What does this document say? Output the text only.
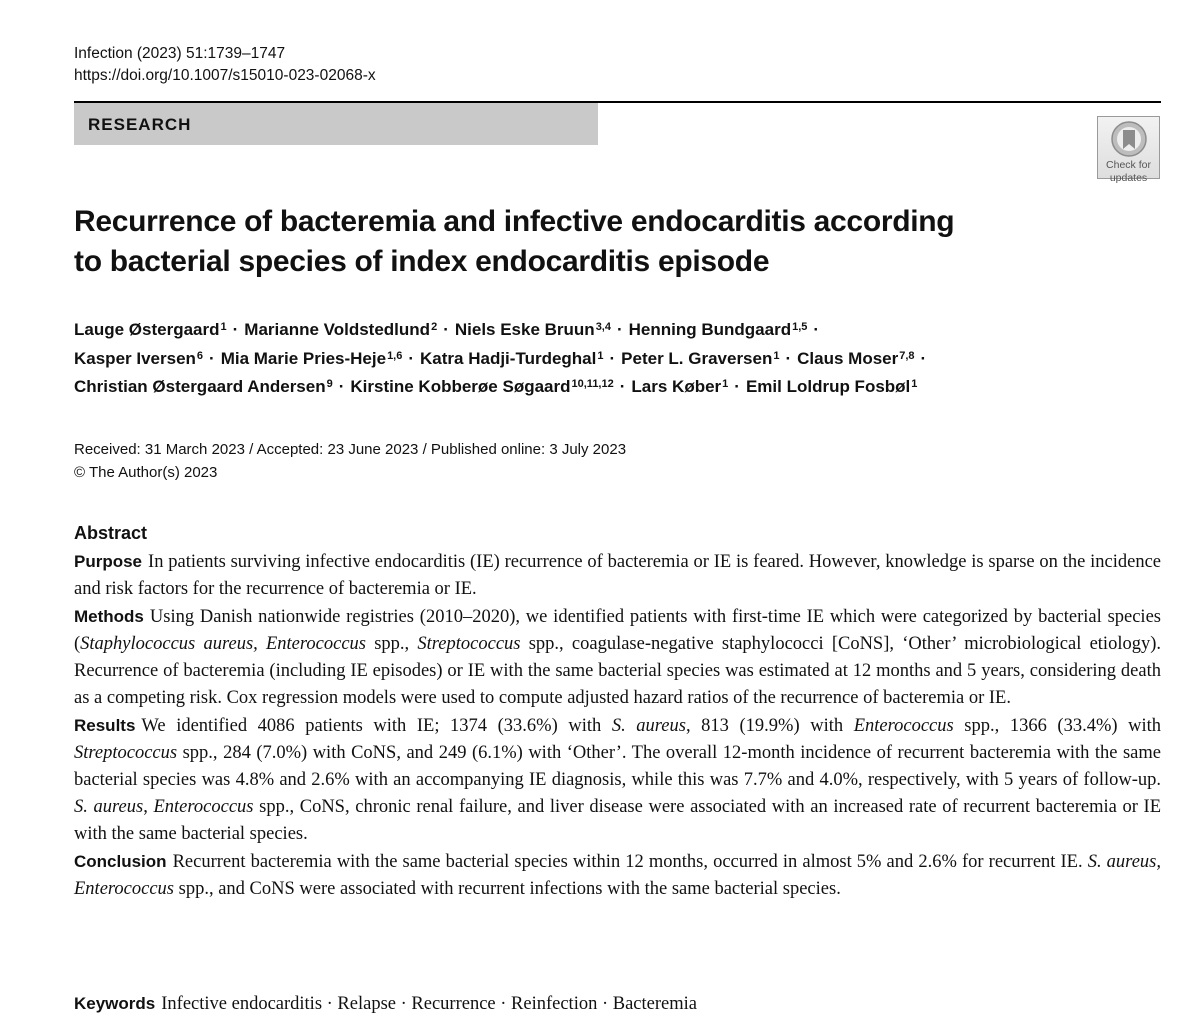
Infection (2023) 51:1739–1747
https://doi.org/10.1007/s15010-023-02068-x
RESEARCH
Check for
updates
Recurrence of bacteremia and infective endocarditis according
to bacterial species of index endocarditis episode
Lauge Østergaard$^1$ · Marianne Voldstedlund$^2$ · Niels Eske Bruun$^{3,4}$ · Henning Bundgaard$^{1,5}$ ·
Kasper Iversen$^6$ · Mia Marie Pries-Heje$^{1,6}$ · Katra Hadji-Turdeghal$^1$ · Peter L. Graversen$^1$ · Claus Moser$^{7,8}$ ·
Christian Østergaard Andersen$^9$ · Kirstine Kobberøe Søgaard$^{10,11,12}$ · Lars Køber$^1$ · Emil Loldrup Fosbøl$^1$
Received: 31 March 2023 / Accepted: 23 June 2023 / Published online: 3 July 2023
© The Author(s) 2023
Abstract

Purpose In patients surviving infective endocarditis (IE) recurrence of bacteremia or IE is feared. However, knowledge is sparse on the incidence and risk factors for the recurrence of bacteremia or IE.

Methods Using Danish nationwide registries (2010–2020), we identified patients with first-time IE which were categorized by bacterial species (Staphylococcus aureus, Enterococcus spp., Streptococcus spp., coagulase-negative staphylococci [CoNS], ‘Other’ microbiological etiology). Recurrence of bacteremia (including IE episodes) or IE with the same bacterial species was estimated at 12 months and 5 years, considering death as a competing risk. Cox regression models were used to compute adjusted hazard ratios of the recurrence of bacteremia or IE.

Results We identified 4086 patients with IE; 1374 (33.6%) with S. aureus, 813 (19.9%) with Enterococcus spp., 1366 (33.4%) with Streptococcus spp., 284 (7.0%) with CoNS, and 249 (6.1%) with ‘Other’. The overall 12-month incidence of recurrent bacteremia with the same bacterial species was 4.8% and 2.6% with an accompanying IE diagnosis, while this was 7.7% and 4.0%, respectively, with 5 years of follow-up. S. aureus, Enterococcus spp., CoNS, chronic renal failure, and liver disease were associated with an increased rate of recurrent bacteremia or IE with the same bacterial species.

Conclusion Recurrent bacteremia with the same bacterial species within 12 months, occurred in almost 5% and 2.6% for recurrent IE. S. aureus, Enterococcus spp., and CoNS were associated with recurrent infections with the same bacterial species.

Keywords Infective endocarditis · Relapse · Recurrence · Reinfection · Bacteremia
